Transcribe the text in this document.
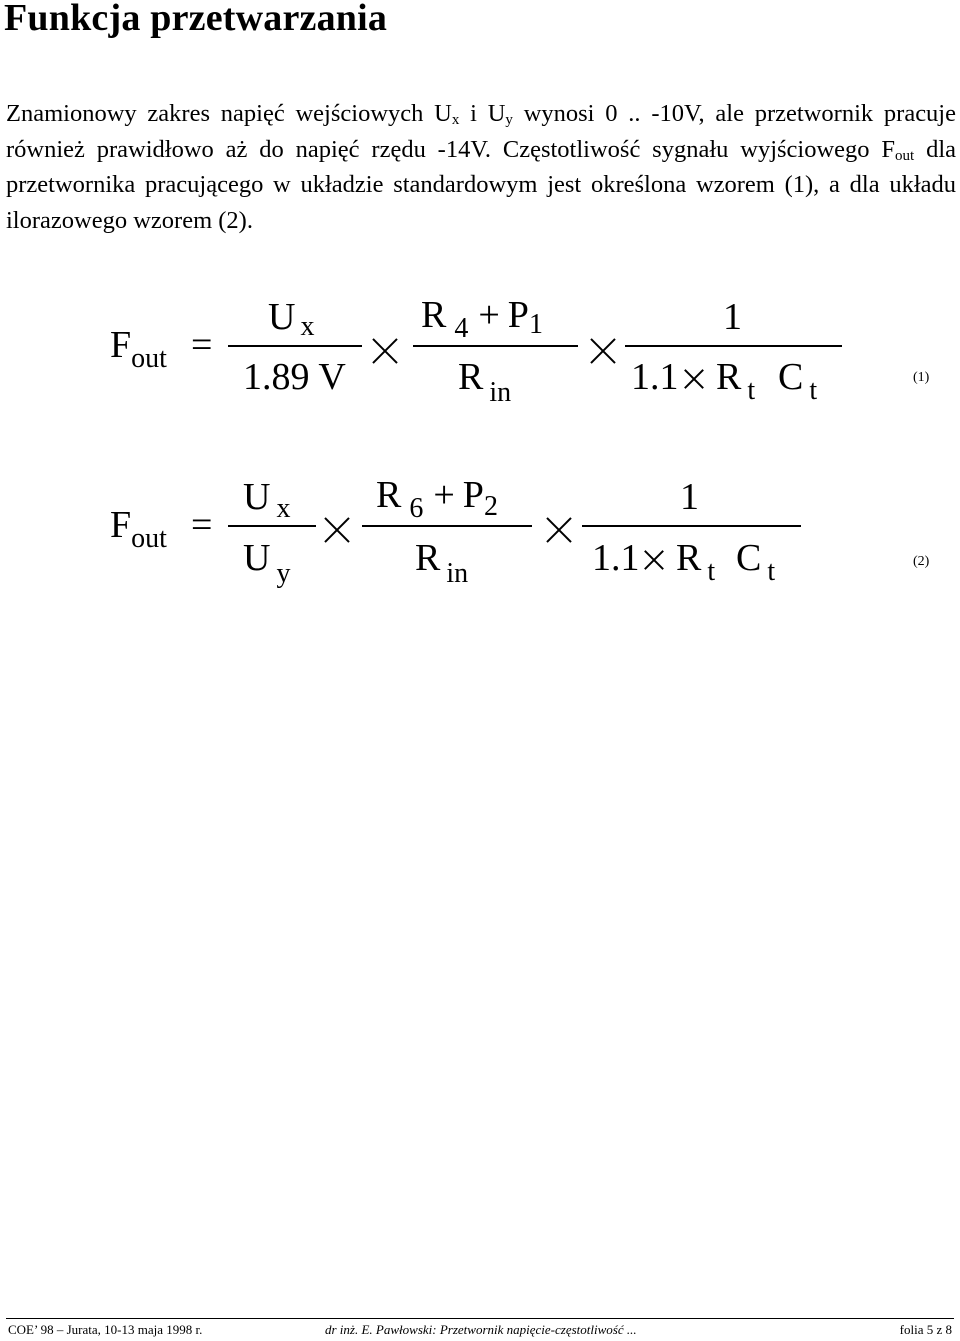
Funkcja przetwarzania
Znamionowy zakres napięć wejściowych $U_x$ i $U_y$ wynosi 0 .. -10V, ale przetwornik pracuje również prawidłowo aż do napięć rzędu -14V. Częstotliwość sygnału wyjściowego $F_{out}$ dla przetwornika pracującego w układzie standardowym jest określona wzorem (1), a dla układu ilorazowego wzorem (2).
$F_{out}$ =
U x
1.89 V
R $_4$ + P1
R $_{in}$
1
1.1 R $_t$ C $_t$	(1)
$F_{out}$ =
U $_x$
U $_y$
R $_6 + P_2$
R $_{in}$
1
1.1 R $_t$ C $_t$	(2)
COE’ 98 – Jurata, 10-13 maja 1998 r.	dr inż. E. Pawłowski: Przetwornik napięcie-częstotliwość ...	folia 5 z 8
